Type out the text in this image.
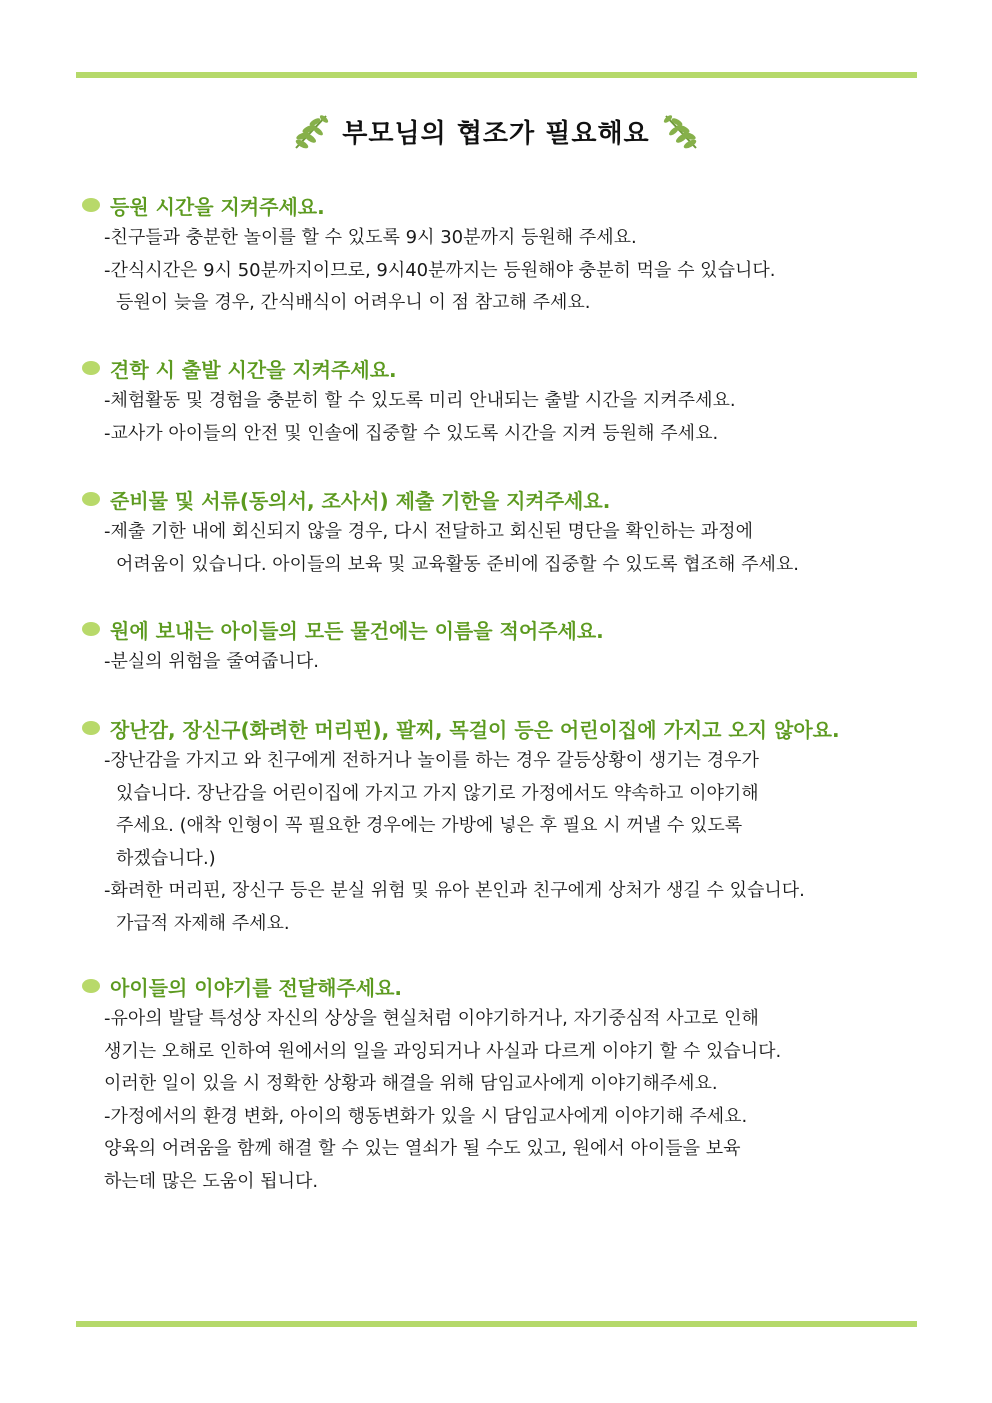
부모님의 협조가 필요해요
등원 시간을 지켜주세요.
-친구들과 충분한 놀이를 할 수 있도록 9시 30분까지 등원해 주세요.
-간식시간은 9시 50분까지이므로, 9시40분까지는 등원해야 충분히 먹을 수 있습니다.
등원이 늦을 경우, 간식배식이 어려우니 이 점 참고해 주세요.
견학 시 출발 시간을 지켜주세요.
-체험활동 및 경험을 충분히 할 수 있도록 미리 안내되는 출발 시간을 지켜주세요.
-교사가 아이들의 안전 및 인솔에 집중할 수 있도록 시간을 지켜 등원해 주세요.
준비물 및 서류(동의서, 조사서) 제출 기한을 지켜주세요.
-제출 기한 내에 회신되지 않을 경우, 다시 전달하고 회신된 명단을 확인하는 과정에
어려움이 있습니다. 아이들의 보육 및 교육활동 준비에 집중할 수 있도록 협조해 주세요.
원에 보내는 아이들의 모든 물건에는 이름을 적어주세요.
-분실의 위험을 줄여줍니다.
장난감, 장신구(화려한 머리핀), 팔찌, 목걸이 등은 어린이집에 가지고 오지 않아요.
-장난감을 가지고 와 친구에게 전하거나 놀이를 하는 경우 갈등상황이 생기는 경우가
있습니다. 장난감을 어린이집에 가지고 가지 않기로 가정에서도 약속하고 이야기해
주세요. (애착 인형이 꼭 필요한 경우에는 가방에 넣은 후 필요 시 꺼낼 수 있도록
하겠습니다.)
-화려한 머리핀, 장신구 등은 분실 위험 및 유아 본인과 친구에게 상처가 생길 수 있습니다.
가급적 자제해 주세요.
아이들의 이야기를 전달해주세요.
-유아의 발달 특성상 자신의 상상을 현실처럼 이야기하거나, 자기중심적 사고로 인해
생기는 오해로 인하여 원에서의 일을 과잉되거나 사실과 다르게 이야기 할 수 있습니다.
이러한 일이 있을 시 정확한 상황과 해결을 위해 담임교사에게 이야기해주세요.
-가정에서의 환경 변화, 아이의 행동변화가 있을 시 담임교사에게 이야기해 주세요.
양육의 어려움을 함께 해결 할 수 있는 열쇠가 될 수도 있고, 원에서 아이들을 보육
하는데 많은 도움이 됩니다.
